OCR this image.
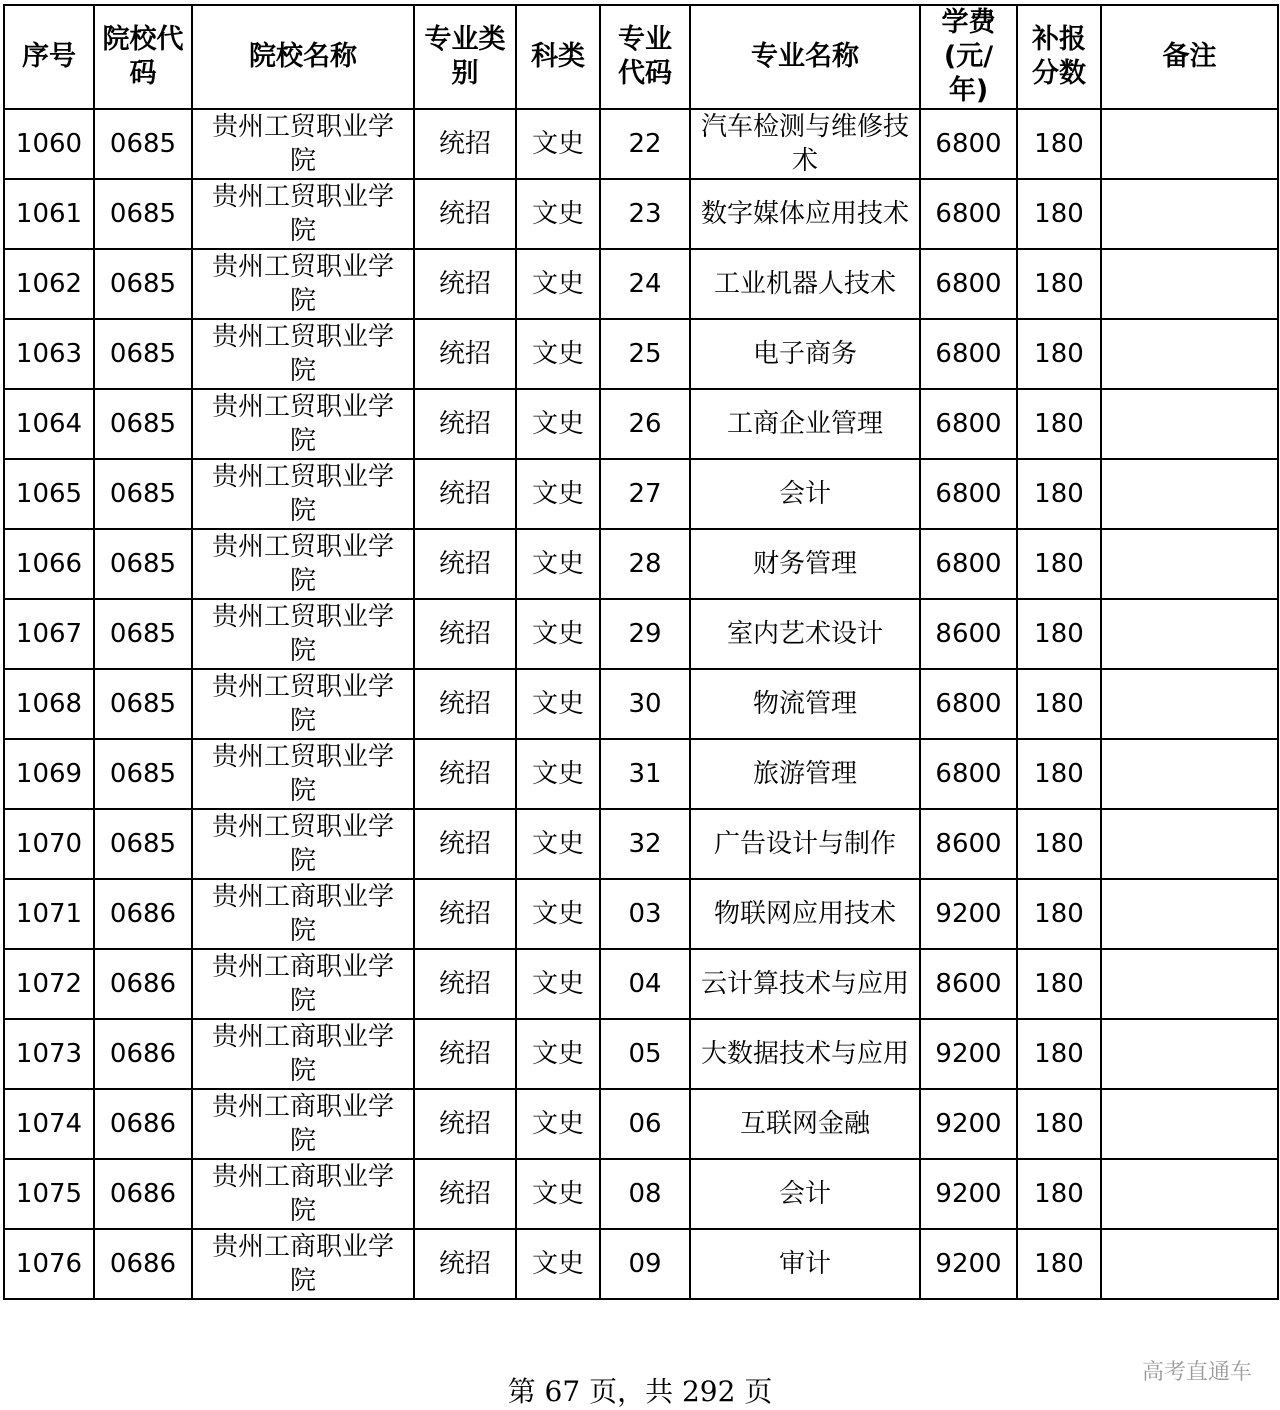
序号	院校代码	院校名称	专业类别	科类	专业代码	专业名称	学费(元/年)	补报分数	备注

1060	0685	贵州工贸职业学院	统招	文史	22	汽车检测与维修技术	6800	180	

1061	0685	贵州工贸职业学院	统招	文史	23	数字媒体应用技术	6800	180	

1062	0685	贵州工贸职业学院	统招	文史	24	工业机器人技术	6800	180	

1063	0685	贵州工贸职业学院	统招	文史	25	电子商务	6800	180	

1064	0685	贵州工贸职业学院	统招	文史	26	工商企业管理	6800	180	

1065	0685	贵州工贸职业学院	统招	文史	27	会计	6800	180	

1066	0685	贵州工贸职业学院	统招	文史	28	财务管理	6800	180	

1067	0685	贵州工贸职业学院	统招	文史	29	室内艺术设计	8600	180	

1068	0685	贵州工贸职业学院	统招	文史	30	物流管理	6800	180	

1069	0685	贵州工贸职业学院	统招	文史	31	旅游管理	6800	180	

1070	0685	贵州工贸职业学院	统招	文史	32	广告设计与制作	8600	180	

1071	0686	贵州工商职业学院	统招	文史	03	物联网应用技术	9200	180	

1072	0686	贵州工商职业学院	统招	文史	04	云计算技术与应用	8600	180	

1073	0686	贵州工商职业学院	统招	文史	05	大数据技术与应用	9200	180	

1074	0686	贵州工商职业学院	统招	文史	06	互联网金融	9200	180	

1075	0686	贵州工商职业学院	统招	文史	08	会计	9200	180	

1076	0686	贵州工商职业学院	统招	文史	09	审计	9200	180	

第 67 页，共 292 页
高考直通车
